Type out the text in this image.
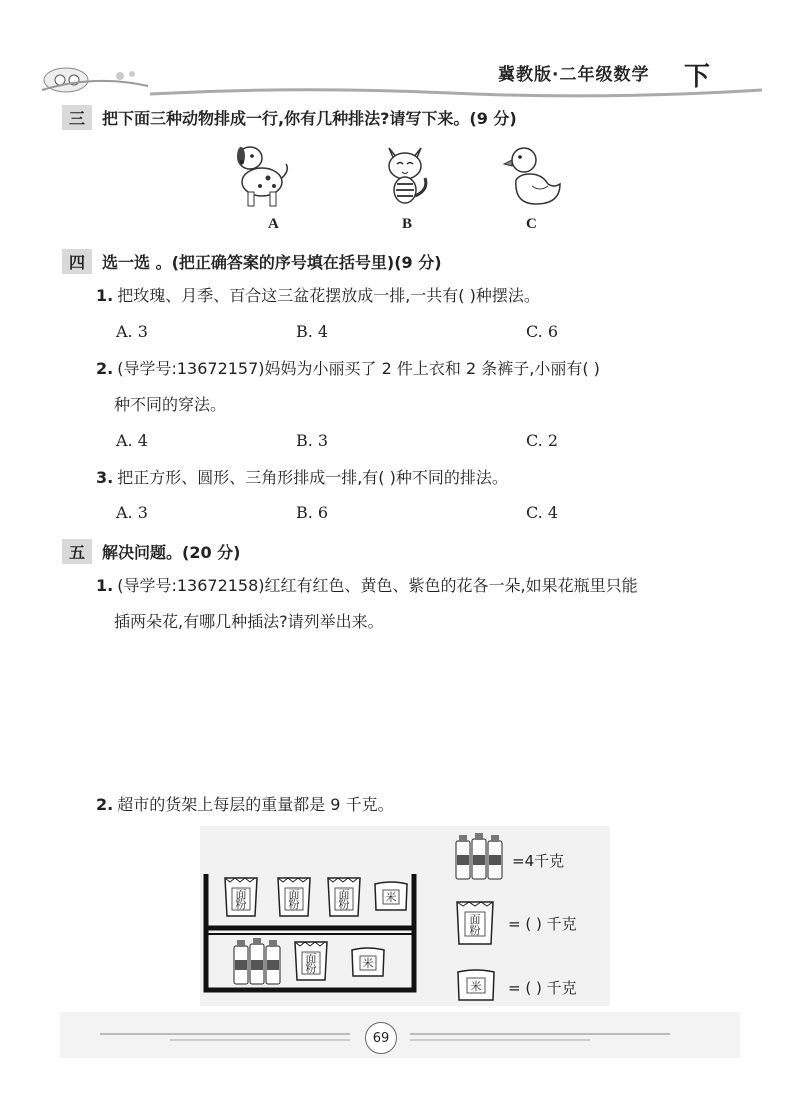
冀教版·二年级数学 下
三	把下面三种动物排成一行,你有几种排法?请写下来。(9 分)
A	B	C
四	选一选 。(把正确答案的序号填在括号里)(9 分)
1. 把玫瑰、月季、百合这三盆花摆放成一排,一共有( )种摆法。
A. 3	B. 4	C. 6
2. (导学号:13672157)妈妈为小丽买了 2 件上衣和 2 条裤子,小丽有( )
种不同的穿法。
A. 4	B. 3	C. 2
3. 把正方形、圆形、三角形排成一排,有( )种不同的排法。
A. 3	B. 6	C. 4
五	解决问题。(20 分)
1. (导学号:13672158)红红有红色、黄色、紫色的花各一朵,如果花瓶里只能
插两朵花,有哪几种插法?请列举出来。
2. 超市的货架上每层的重量都是 9 千克。
面
粉
面
粉
面
粉
米
面
粉	米
=4千克
面
粉 = ( ) 千克
米 = ( ) 千克
69
